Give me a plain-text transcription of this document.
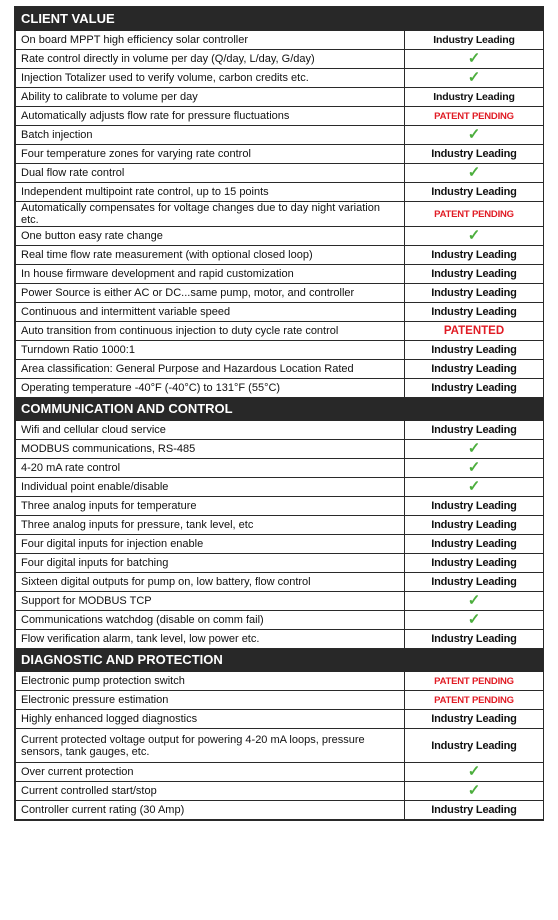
CLIENT VALUE	
On board MPPT high efficiency solar controller	Industry Leading
Rate control directly in volume per day (Q/day, L/day, G/day)	✓
Injection Totalizer used to verify volume, carbon credits etc.	✓
Ability to calibrate to volume per day	Industry Leading
Automatically adjusts flow rate for pressure fluctuations	PATENT PENDING
Batch injection	✓
Four temperature zones for varying rate control	Industry Leading
Dual flow rate control	✓
Independent multipoint rate control, up to 15 points	Industry Leading
Automatically compensates for voltage changes due to day night variation etc.	PATENT PENDING
One button easy rate change	✓
Real time flow rate measurement (with optional closed loop)	Industry Leading
In house firmware development and rapid customization	Industry Leading
Power Source is either AC or DC...same pump, motor, and controller	Industry Leading
Continuous and intermittent variable speed	Industry Leading
Auto transition from continuous injection to duty cycle rate control	PATENTED
Turndown Ratio 1000:1	Industry Leading
Area classification: General Purpose and Hazardous Location Rated	Industry Leading
Operating temperature -40°F (-40°C) to 131°F (55°C)	Industry Leading
COMMUNICATION AND CONTROL	
Wifi and cellular cloud service	Industry Leading
MODBUS communications, RS-485	✓
4-20 mA rate control	✓
Individual point enable/disable	✓
Three analog inputs for temperature	Industry Leading
Three analog inputs for pressure, tank level, etc	Industry Leading
Four digital inputs for injection enable	Industry Leading
Four digital inputs for batching	Industry Leading
Sixteen digital outputs for pump on, low battery, flow control	Industry Leading
Support for MODBUS TCP	✓
Communications watchdog (disable on comm fail)	✓
Flow verification alarm, tank level, low power etc.	Industry Leading
DIAGNOSTIC AND PROTECTION	
Electronic pump protection switch	PATENT PENDING
Electronic pressure estimation	PATENT PENDING
Highly enhanced logged diagnostics	Industry Leading
Current protected voltage output for powering 4-20 mA loops, pressure sensors, tank gauges, etc.	Industry Leading
Over current protection	✓
Current controlled start/stop	✓
Controller current rating (30 Amp)	Industry Leading
